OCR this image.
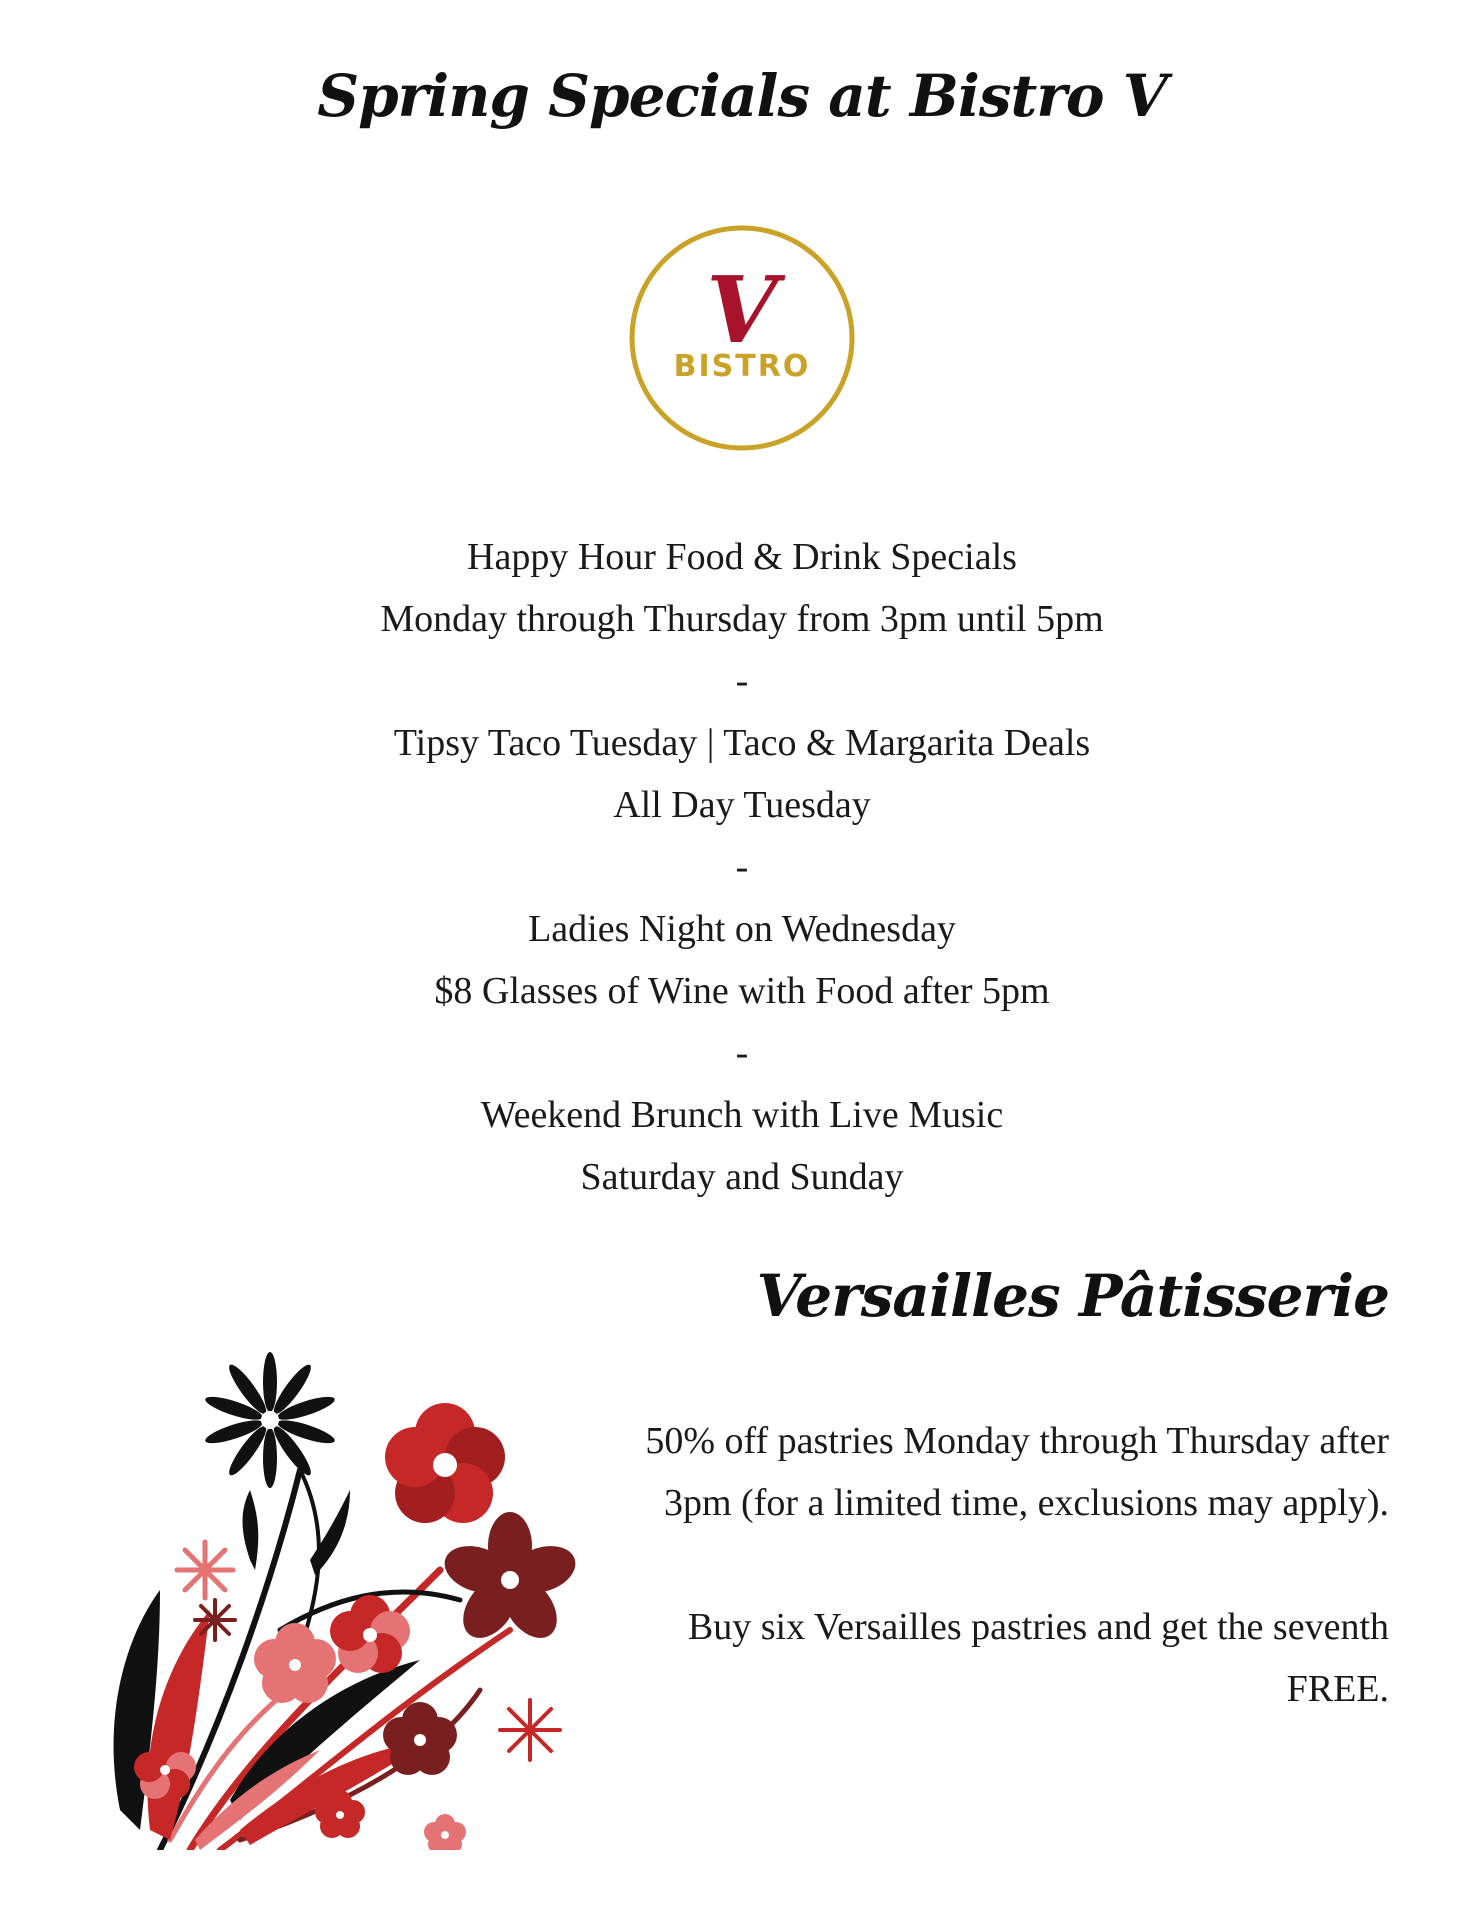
Spring Specials at Bistro V
V
BISTRO
Happy Hour Food & Drink Specials
Monday through Thursday from 3pm until 5pm
-
Tipsy Taco Tuesday | Taco & Margarita Deals
All Day Tuesday
-
Ladies Night on Wednesday
$8 Glasses of Wine with Food after 5pm
-
Weekend Brunch with Live Music
Saturday and Sunday
Versailles Pâtisserie

50% off pastries Monday through Thursday after 3pm (for a limited time, exclusions may apply).

Buy six Versailles pastries and get the seventh FREE.
